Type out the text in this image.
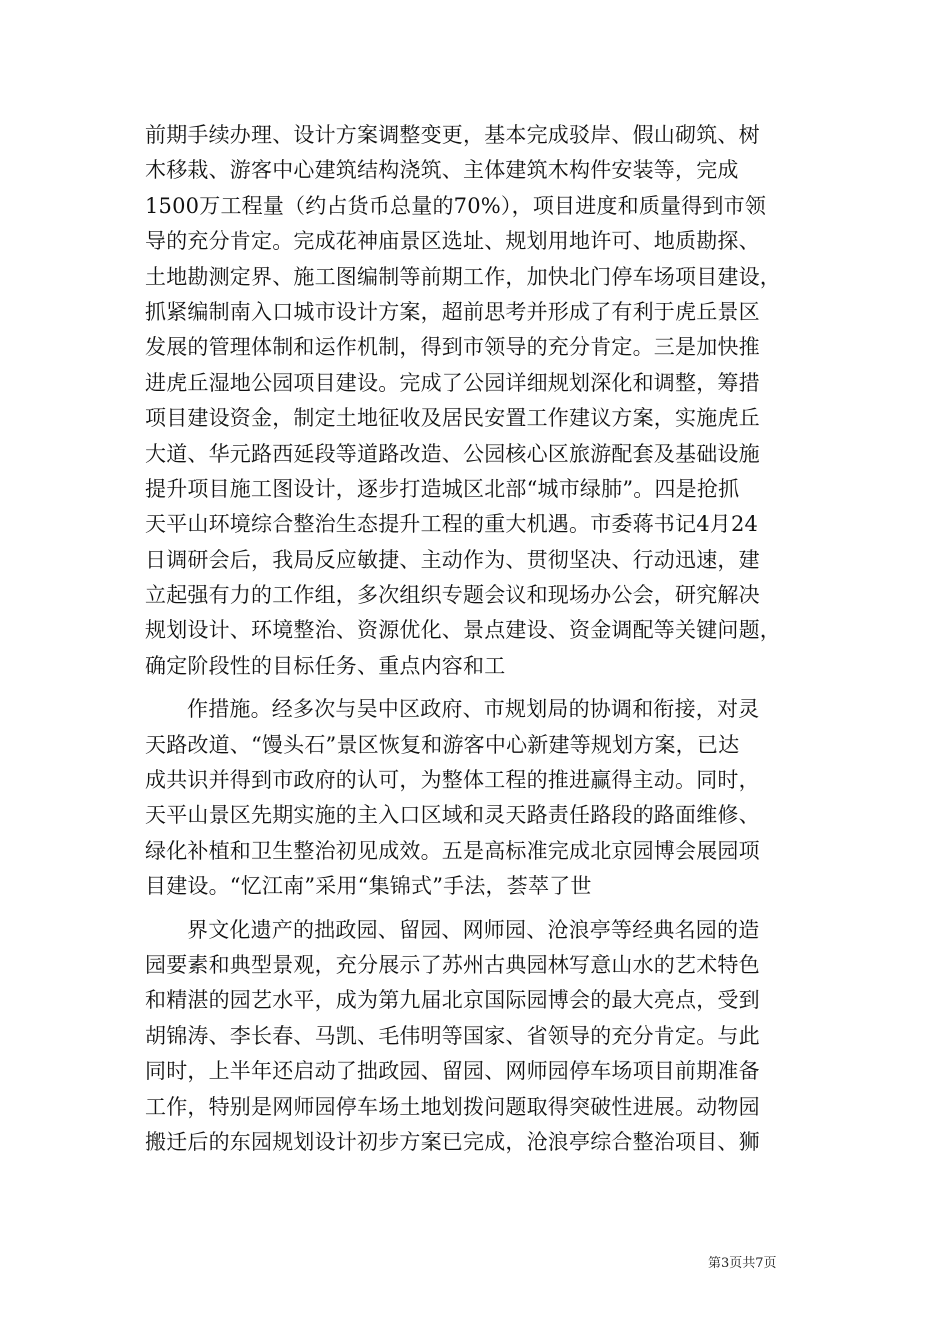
前期手续办理、设计方案调整变更，基本完成驳岸、假山砌筑、树
木移栽、游客中心建筑结构浇筑、主体建筑木构件安装等，完成
1500万工程量（约占货币总量的70%），项目进度和质量得到市领
导的充分肯定。完成花神庙景区选址、规划用地许可、地质勘探、
土地勘测定界、施工图编制等前期工作，加快北门停车场项目建设，
抓紧编制南入口城市设计方案，超前思考并形成了有利于虎丘景区
发展的管理体制和运作机制，得到市领导的充分肯定。三是加快推
进虎丘湿地公园项目建设。完成了公园详细规划深化和调整，筹措
项目建设资金，制定土地征收及居民安置工作建议方案，实施虎丘
大道、华元路西延段等道路改造、公园核心区旅游配套及基础设施
提升项目施工图设计，逐步打造城区北部“城市绿肺”。四是抢抓
天平山环境综合整治生态提升工程的重大机遇。市委蒋书记4月24
日调研会后，我局反应敏捷、主动作为、贯彻坚决、行动迅速，建
立起强有力的工作组，多次组织专题会议和现场办公会，研究解决
规划设计、环境整治、资源优化、景点建设、资金调配等关键问题，
确定阶段性的目标任务、重点内容和工
作措施。经多次与吴中区政府、市规划局的协调和衔接，对灵
天路改道、“馒头石”景区恢复和游客中心新建等规划方案，已达
成共识并得到市政府的认可，为整体工程的推进赢得主动。同时，
天平山景区先期实施的主入口区域和灵天路责任路段的路面维修、
绿化补植和卫生整治初见成效。五是高标准完成北京园博会展园项
目建设。“忆江南”采用“集锦式”手法，荟萃了世
界文化遗产的拙政园、留园、网师园、沧浪亭等经典名园的造
园要素和典型景观，充分展示了苏州古典园林写意山水的艺术特色
和精湛的园艺水平，成为第九届北京国际园博会的最大亮点，受到
胡锦涛、李长春、马凯、毛伟明等国家、省领导的充分肯定。与此
同时，上半年还启动了拙政园、留园、网师园停车场项目前期准备
工作，特别是网师园停车场土地划拨问题取得突破性进展。动物园
搬迁后的东园规划设计初步方案已完成，沧浪亭综合整治项目、狮
第3页共7页
